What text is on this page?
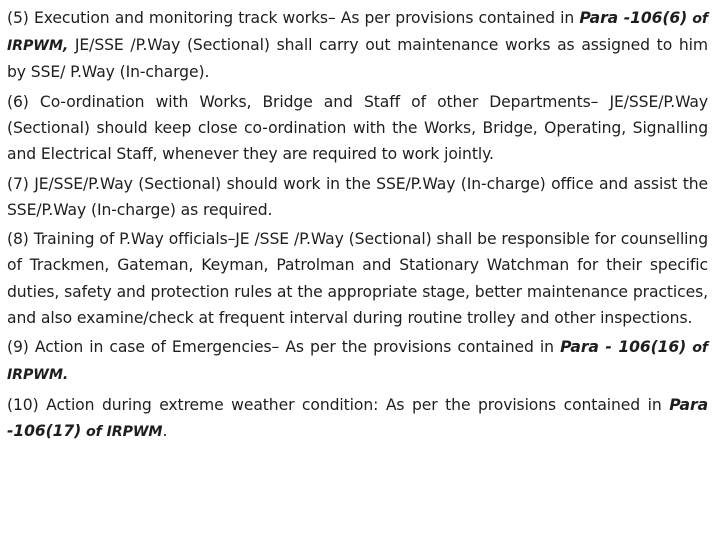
(5) Execution and monitoring track works– As per provisions contained in Para -106(6) of IRPWM, JE/SSE /P.Way (Sectional) shall carry out maintenance works as assigned to him by SSE/ P.Way (In-charge).

(6) Co-ordination with Works, Bridge and Staff of other Departments– JE/SSE/P.Way (Sectional) should keep close co-ordination with the Works, Bridge, Operating, Signalling and Electrical Staff, whenever they are required to work jointly.

(7) JE/SSE/P.Way (Sectional) should work in the SSE/P.Way (In-charge) office and assist the SSE/P.Way (In-charge) as required.

(8) Training of P.Way officials–JE /SSE /P.Way (Sectional) shall be responsible for counselling of Trackmen, Gateman, Keyman, Patrolman and Stationary Watchman for their specific duties, safety and protection rules at the appropriate stage, better maintenance practices, and also examine/check at frequent interval during routine trolley and other inspections.

(9) Action in case of Emergencies– As per the provisions contained in Para - 106(16) of IRPWM.

(10) Action during extreme weather condition: As per the provisions contained in Para -106(17) of IRPWM.
